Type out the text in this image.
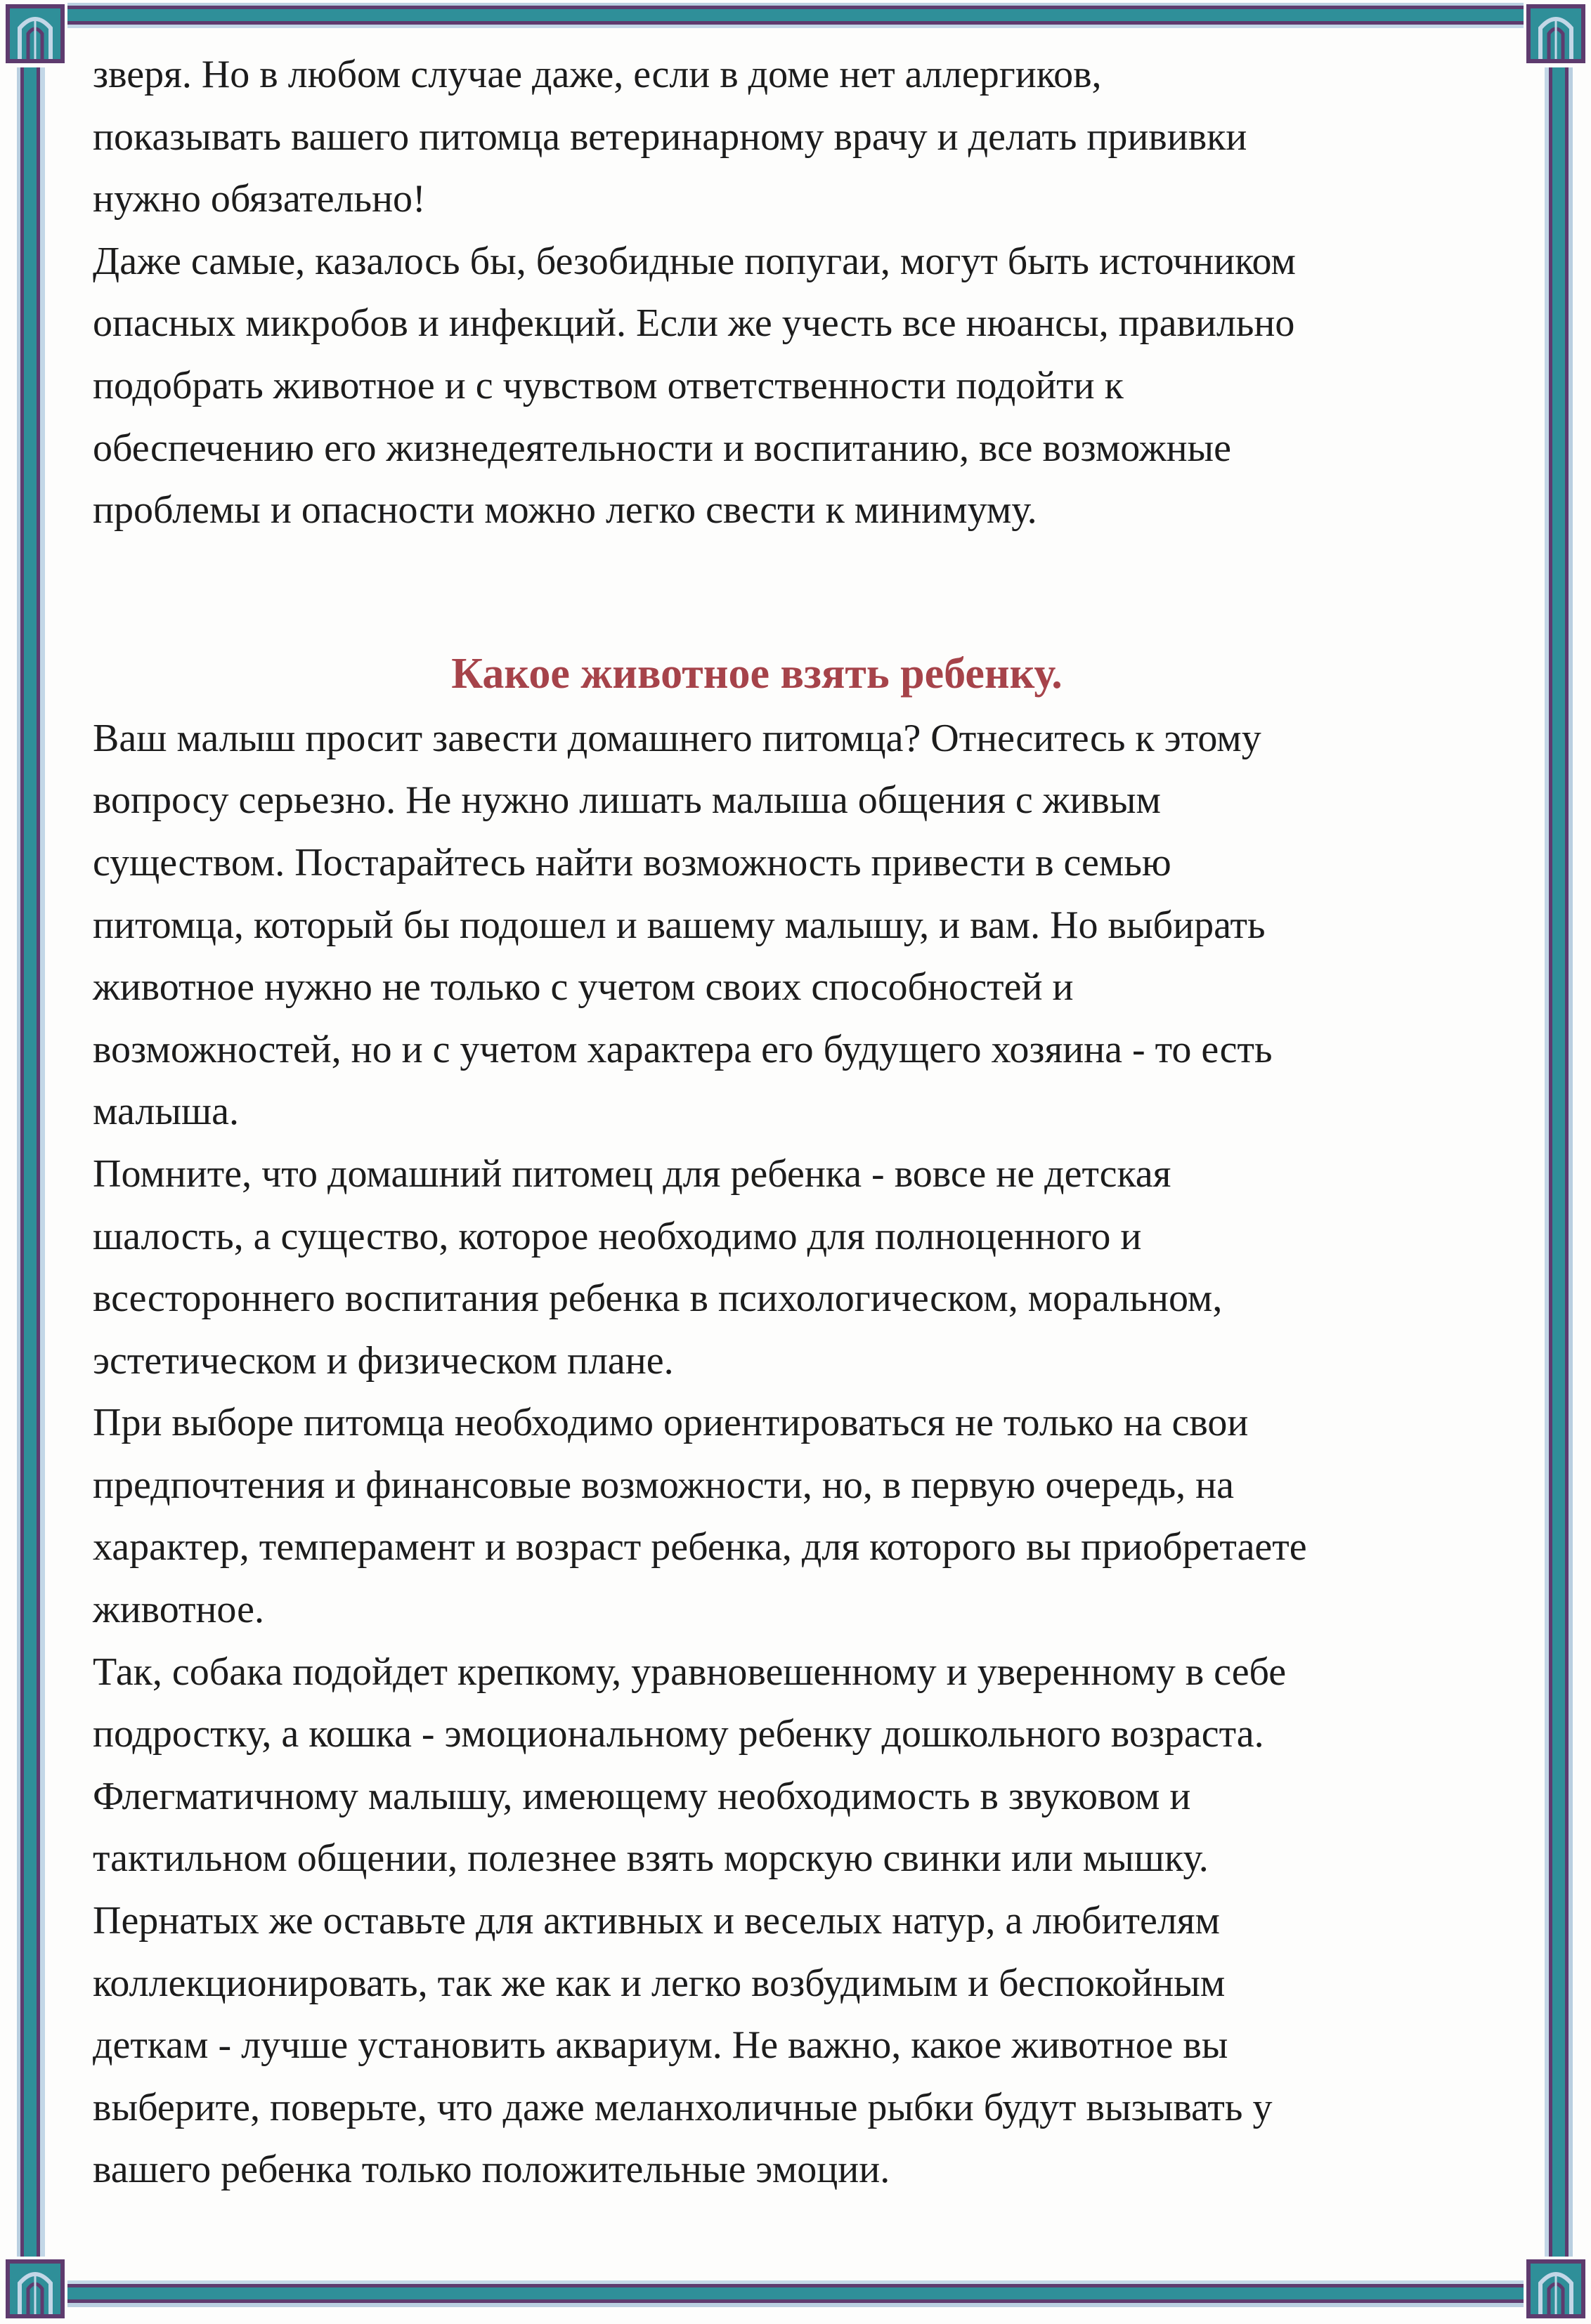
зверя. Но в любом случае даже, если в доме нет аллергиков,
показывать вашего питомца ветеринарному врачу и делать прививки
нужно обязательно!

Даже самые, казалось бы, безобидные попугаи, могут быть источником
опасных микробов и инфекций. Если же учесть все нюансы, правильно
подобрать животное и с чувством ответственности подойти к
обеспечению его жизнедеятельности и воспитанию, все возможные
проблемы и опасности можно легко свести к минимуму.

Какое животное взять ребенку.

Ваш малыш просит завести домашнего питомца? Отнеситесь к этому
вопросу серьезно. Не нужно лишать малыша общения с живым
существом. Постарайтесь найти возможность привести в семью
питомца, который бы подошел и вашему малышу, и вам. Но выбирать
животное нужно не только с учетом своих способностей и
возможностей, но и с учетом характера его будущего хозяина - то есть
малыша.

Помните, что домашний питомец для ребенка - вовсе не детская
шалость, а существо, которое необходимо для полноценного и
всестороннего воспитания ребенка в психологическом, моральном,
эстетическом и физическом плане.

При выборе питомца необходимо ориентироваться не только на свои
предпочтения и финансовые возможности, но, в первую очередь, на
характер, темперамент и возраст ребенка, для которого вы приобретаете
животное.

Так, собака подойдет крепкому, уравновешенному и уверенному в себе
подростку, а кошка - эмоциональному ребенку дошкольного возраста.
Флегматичному малышу, имеющему необходимость в звуковом и
тактильном общении, полезнее взять морскую свинки или мышку.
Пернатых же оставьте для активных и веселых натур, а любителям
коллекционировать, так же как и легко возбудимым и беспокойным
деткам - лучше установить аквариум. Не важно, какое животное вы
выберите, поверьте, что даже меланхоличные рыбки будут вызывать у
вашего ребенка только положительные эмоции.
